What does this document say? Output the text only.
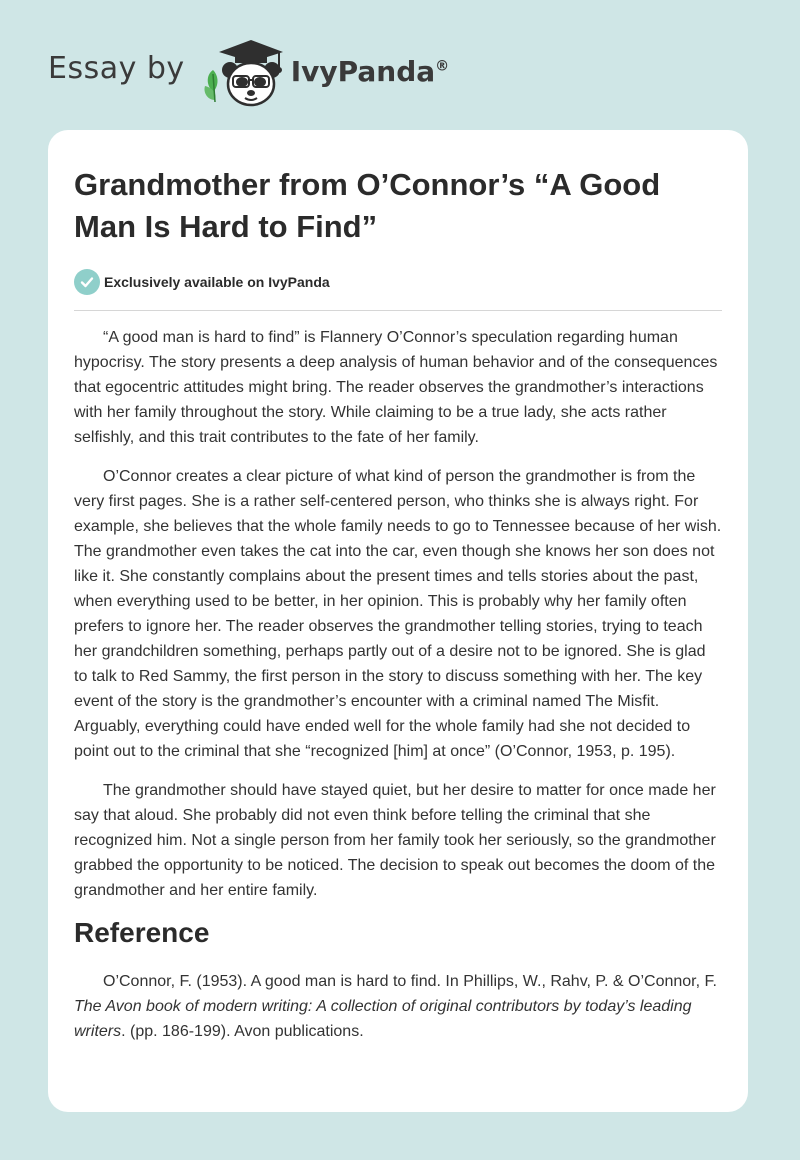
Essay by	IvyPanda®
Grandmother from O’Connor’s “A Good Man Is Hard to Find”
Exclusively available on IvyPanda

“A good man is hard to find” is Flannery O’Connor’s speculation regarding human hypocrisy. The story presents a deep analysis of human behavior and of the consequences that egocentric attitudes might bring. The reader observes the grandmother’s interactions with her family throughout the story. While claiming to be a true lady, she acts rather selfishly, and this trait contributes to the fate of her family.

O’Connor creates a clear picture of what kind of person the grandmother is from the very first pages. She is a rather self-centered person, who thinks she is always right. For example, she believes that the whole family needs to go to Tennessee because of her wish. The grandmother even takes the cat into the car, even though she knows her son does not like it. She constantly complains about the present times and tells stories about the past, when everything used to be better, in her opinion. This is probably why her family often prefers to ignore her. The reader observes the grandmother telling stories, trying to teach her grandchildren something, perhaps partly out of a desire not to be ignored. She is glad to talk to Red Sammy, the first person in the story to discuss something with her. The key event of the story is the grandmother’s encounter with a criminal named The Misfit. Arguably, everything could have ended well for the whole family had she not decided to point out to the criminal that she “recognized [him] at once” (O’Connor, 1953, p. 195).

The grandmother should have stayed quiet, but her desire to matter for once made her say that aloud. She probably did not even think before telling the criminal that she recognized him. Not a single person from her family took her seriously, so the grandmother grabbed the opportunity to be noticed. The decision to speak out becomes the doom of the grandmother and her entire family.

Reference

O’Connor, F. (1953). A good man is hard to find. In Phillips, W., Rahv, P. & O’Connor, F. The Avon book of modern writing: A collection of original contributors by today’s leading writers. (pp. 186-199). Avon publications.
